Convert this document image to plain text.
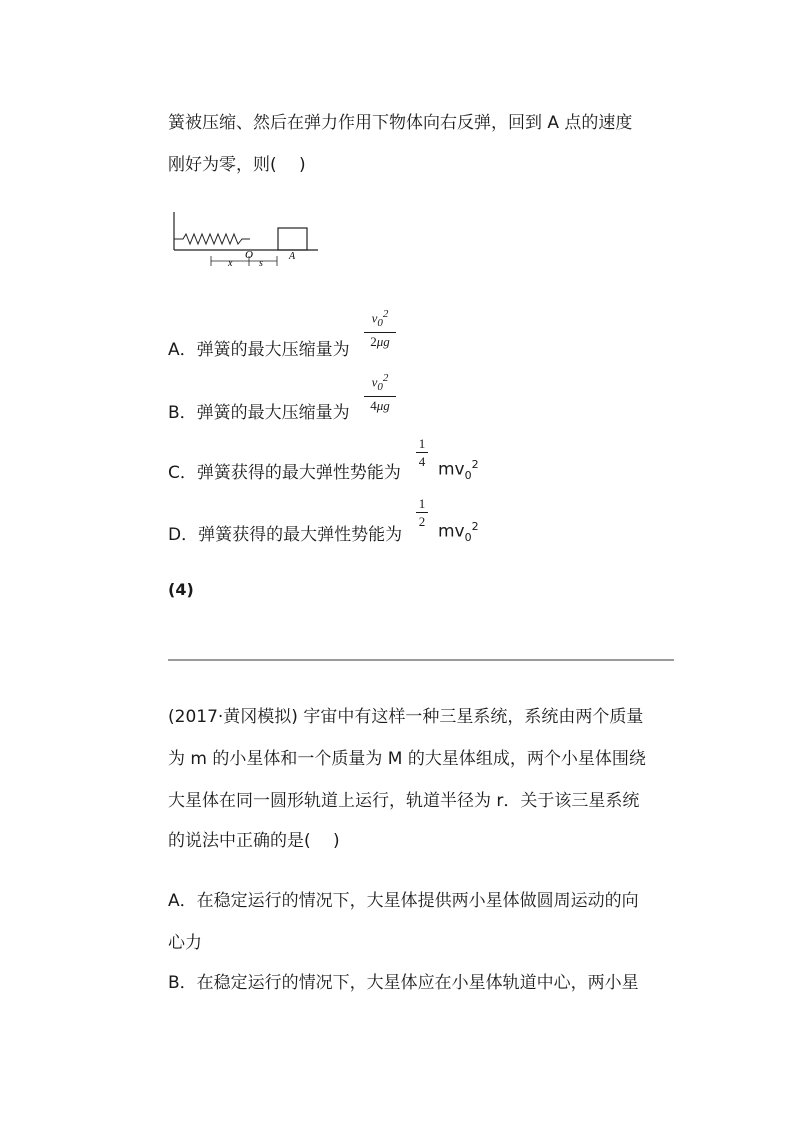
簧被压缩、然后在弹力作用下物体向右反弹，回到 A 点的速度
刚好为零，则(　 )
x
O
s
A
A．弹簧的最大压缩量为
$v_0^2$
2μg
B．弹簧的最大压缩量为
$v_0^2$
4μg
C．弹簧获得的最大弹性势能为
1
4 $mv_0^2$
D．弹簧获得的最大弹性势能为
1
2
$mv_0^2$
(4)
(2017·黄冈模拟) 宇宙中有这样一种三星系统，系统由两个质量
为 m 的小星体和一个质量为 M 的大星体组成，两个小星体围绕
大星体在同一圆形轨道上运行，轨道半径为 r．关于该三星系统
的说法中正确的是(　 )
A．在稳定运行的情况下，大星体提供两小星体做圆周运动的向
心力
B．在稳定运行的情况下，大星体应在小星体轨道中心，两小星
